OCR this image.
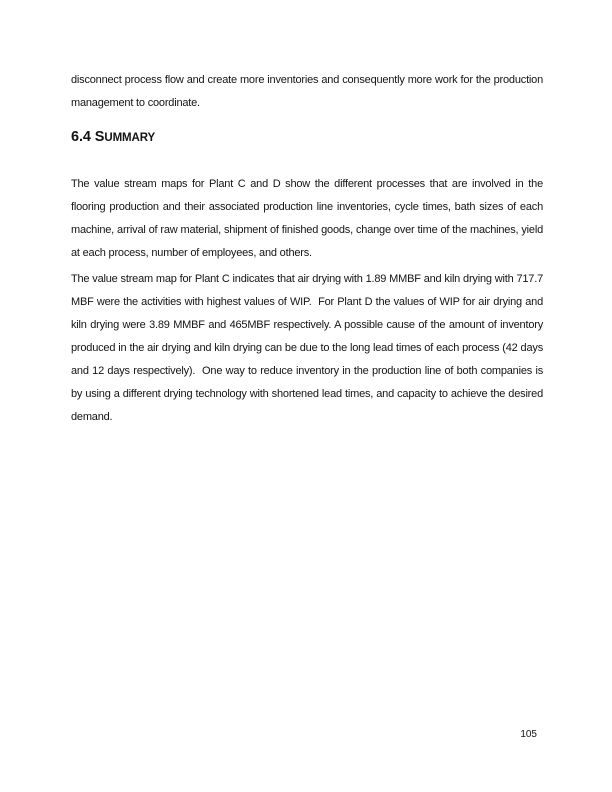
disconnect process flow and create more inventories and consequently more work for the production management to coordinate.

6.4 SUMMARY

The value stream maps for Plant C and D show the different processes that are involved in the flooring production and their associated production line inventories, cycle times, bath sizes of each machine, arrival of raw material, shipment of finished goods, change over time of the machines, yield at each process, number of employees, and others.

The value stream map for Plant C indicates that air drying with 1.89 MMBF and kiln drying with 717.7 MBF were the activities with highest values of WIP.  For Plant D the values of WIP for air drying and kiln drying were 3.89 MMBF and 465MBF respectively. A possible cause of the amount of inventory produced in the air drying and kiln drying can be due to the long lead times of each process (42 days and 12 days respectively).  One way to reduce inventory in the production line of both companies is by using a different drying technology with shortened lead times, and capacity to achieve the desired demand.

105
